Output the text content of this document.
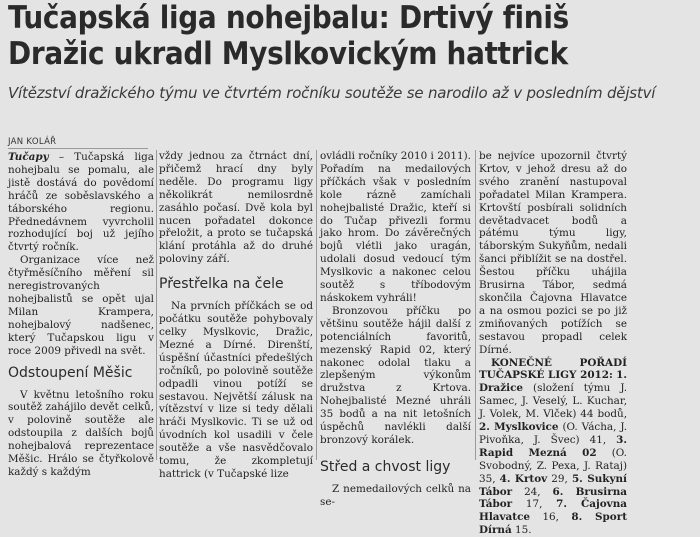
Tučapská liga nohejbalu: Drtivý finiš
Dražic ukradl Myslkovickým hattrick
Vítězství dražického týmu ve čtvrtém ročníku soutěže se narodilo až v posledním dějství
JAN KOLÁŘ

Tučapy – Tučapská liga nohejbalu se pomalu, ale jistě dostává do povědomí hráčů ze soběslavského a táborského regionu. Přednedávnem vyvrcholil rozhodující boj už jejího čtvrtý ročník.

Organizace více než čtyřměsíčního měření sil neregistrovaných nohejbalistů se opět ujal Milan Krampera, nohejbalový nadšenec, který Tučapskou ligu v roce 2009 přivedl na svět.

Odstoupení Měšic

V květnu letošního roku soutěž zahájilo devět celků, v polovině soutěže ale odstoupila z dalších bojů nohejbalová reprezentace Měšic. Hrálo se čtyřkolově každý s každým

vždy jednou za čtrnáct dní, přičemž hrací dny byly neděle. Do programu ligy několikrát nemilosrdně zasáhlo počasí. Dvě kola byl nucen pořadatel dokonce přeložit, a proto se tučapská klání protáhla až do druhé poloviny září.

Přestřelka na čele

Na prvních příčkách se od počátku soutěže pohybovaly celky Myslkovic, Dražic, Mezné a Dírné. Direnští, úspěšní účastníci předešlých ročníků, po polovině soutěže odpadli vinou potíží se sestavou. Největší zálusk na vítězství v lize si tedy dělali hráči Myslkovic. Ti se už od úvodních kol usadili v čele soutěže a vše nasvědčovalo tomu, že zkompletují hattrick (v Tučapské lize

ovládli ročníky 2010 i 2011). Pořadím na medailových příčkách však v posledním kole rázně zamíchali nohejbalisté Dražic, kteří si do Tučap přivezli formu jako hrom. Do závěrečných bojů vlétli jako uragán, udolali dosud vedoucí tým Myslkovic a nakonec celou soutěž s tříbodovým náskokem vyhráli!

Bronzovou příčku po většinu soutěže hájil další z potenciálních favoritů, mezenský Rapid 02, který nakonec odolal tlaku a zlepšeným výkonům družstva z Krtova. Nohejbalisté Mezné uhráli 35 bodů a na nit letošních úspěchů navlékli další bronzový korálek.

Střed a chvost ligy

Z nemedailových celků na se-

be nejvíce upozornil čtvrtý Krtov, v jehož dresu až do svého zranění nastupoval pořadatel Milan Krampera. Krtovští posbírali solidních devětadvacet bodů a pátému týmu ligy, táborským Sukyňům, nedali šanci přiblížit se na dostřel. Šestou příčku uhájila Brusirna Tábor, sedmá skončila Čajovna Hlavatce a na osmou pozici se po již zmiňovaných potížích se sestavou propadl celek Dírné.

KONEČNÉ POŘADÍ TUČAPSKÉ LIGY 2012: 1. Dražice (složení týmu J. Samec, J. Veselý, L. Kuchar, J. Volek, M. Vlček) 44 bodů, 2. Myslkovice (O. Vácha, J. Pivoňka, J. Švec) 41, 3. Rapid Mezná 02 (O. Svobodný, Z. Pexa, J. Rataj) 35, 4. Krtov 29, 5. Sukyní Tábor 24, 6. Brusirna Tábor 17, 7. Čajovna Hlavatce 16, 8. Sport Dírná 15.
